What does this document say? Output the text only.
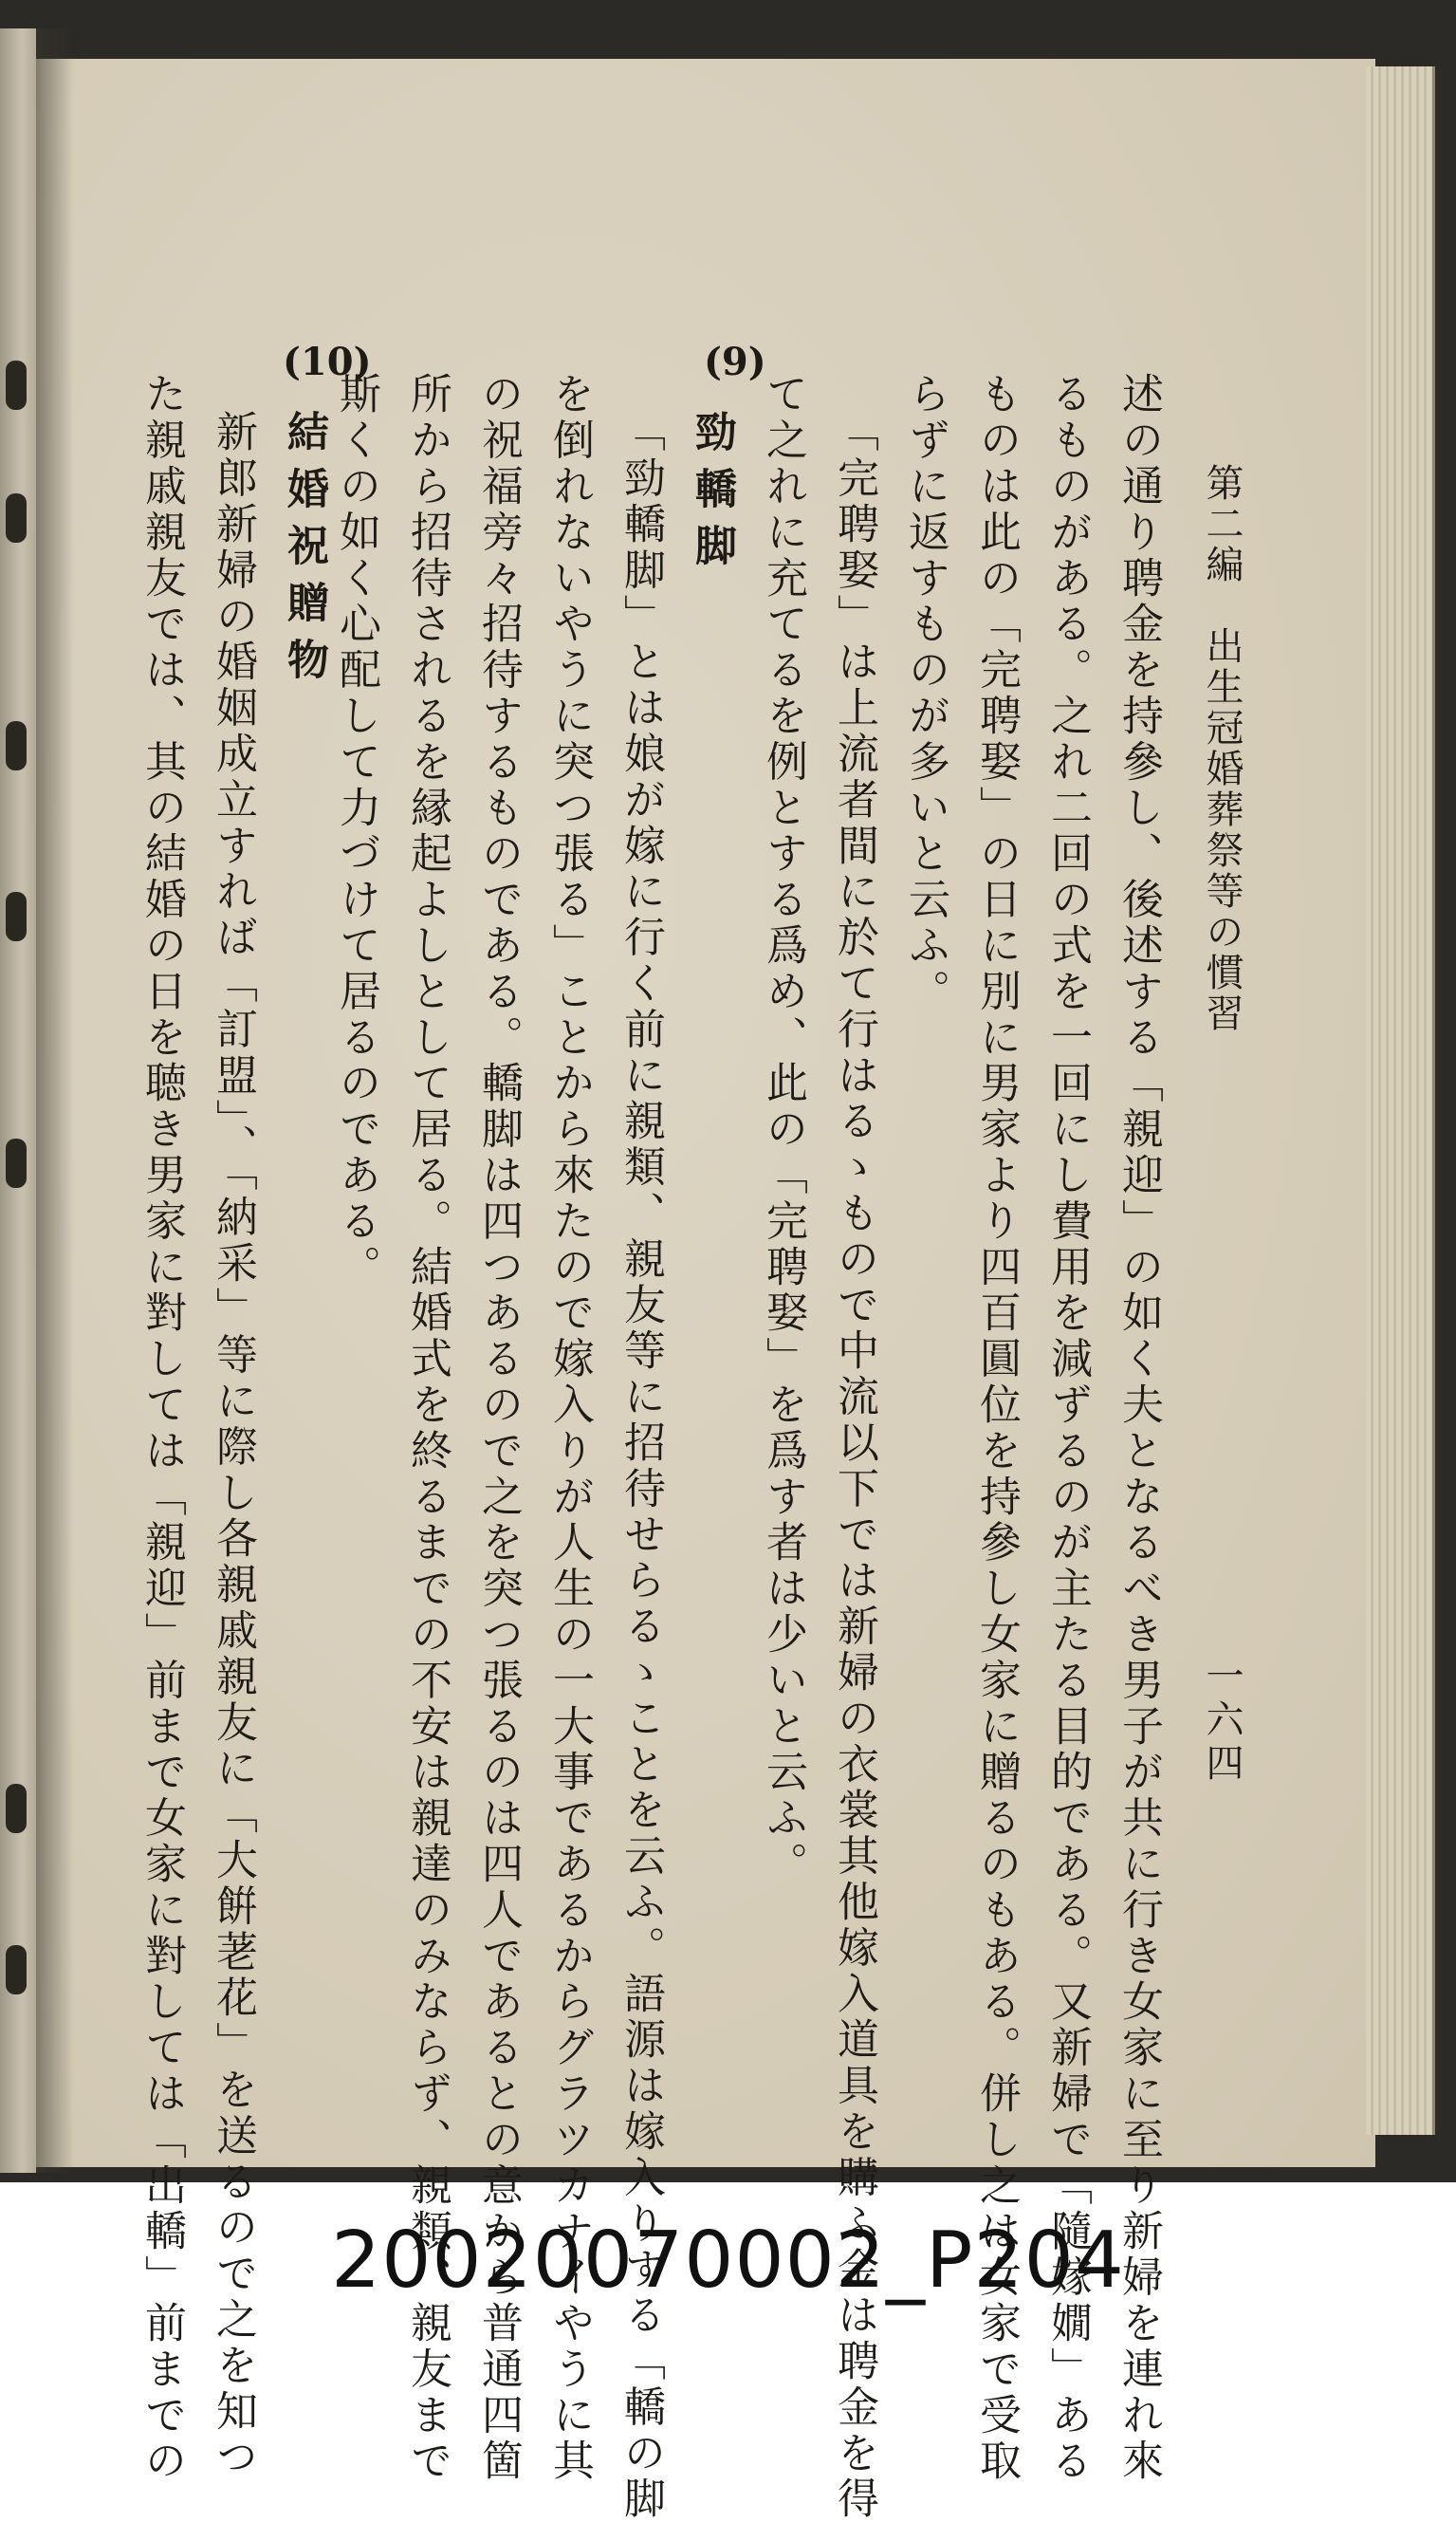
第二編　出生冠婚葬祭等の慣習
一六四
述の通り聘金を持參し、後述する「親迎」の如く夫となるべき男子が共に行き女家に至り新婦を連れ來
るものがある。之れ二回の式を一回にし費用を減ずるのが主たる目的である。又新婦で「隨嫁嫺」ある
ものは此の「完聘娶」の日に別に男家より四百圓位を持參し女家に贈るのもある。併し之は女家で受取
らずに返すものが多いと云ふ。
「完聘娶」は上流者間に於て行はるゝもので中流以下では新婦の衣裳其他嫁入道具を購ふ金は聘金を得
て之れに充てるを例とする爲め、此の「完聘娶」を爲す者は少いと云ふ。
(9)
勁轎脚
「勁轎脚」とは娘が嫁に行く前に親類、親友等に招待せらるゝことを云ふ。語源は嫁入りする「轎の脚
を倒れないやうに突つ張る」ことから來たので嫁入りが人生の一大事であるからグラツカナイやうに其
の祝福旁々招待するものである。轎脚は四つあるので之を突つ張るのは四人であるとの意から普通四箇
所から招待されるを縁起よしとして居る。結婚式を終るまでの不安は親達のみならず、親類、親友まで
斯くの如く心配して力づけて居るのである。
(10)
結婚祝贈物
新郎新婦の婚姻成立すれば「訂盟」、「納采」等に際し各親戚親友に「大餠荖花」を送るので之を知つ
た親戚親友では、其の結婚の日を聴き男家に對しては「親迎」前まで女家に對しては「出轎」前までの	20020070002_P204
